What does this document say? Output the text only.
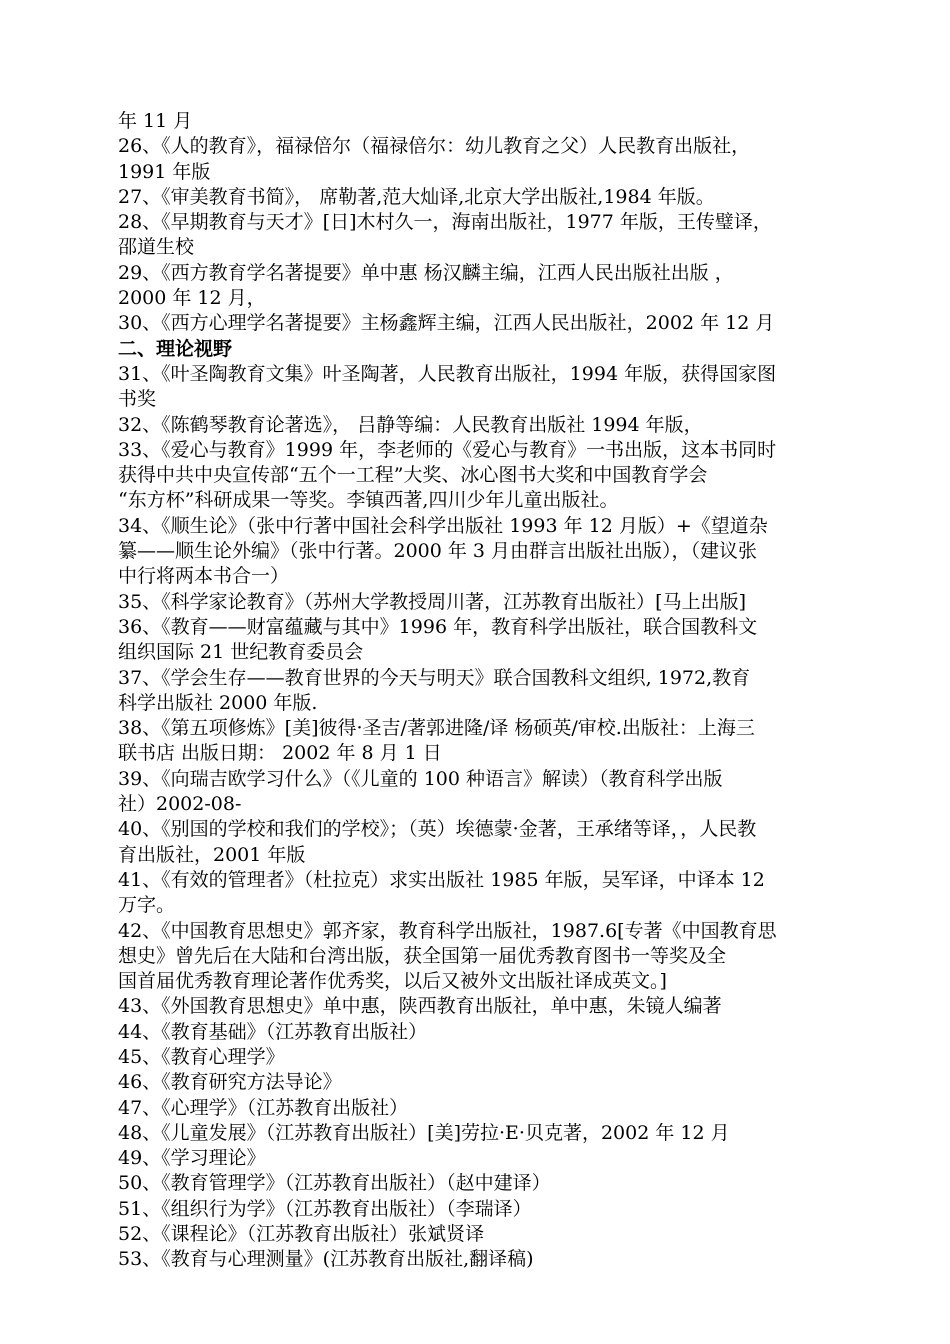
年 11 月
26、《人的教育》，福禄倍尔（福禄倍尔：幼儿教育之父）人民教育出版社，
1991 年版
27、《审美教育书简》， 席勒著,范大灿译,北京大学出版社,1984 年版。
28、《早期教育与天才》[日]木村久一，海南出版社，1977 年版，王传璧译，
邵道生校
29、《西方教育学名著提要》单中惠 杨汉麟主编，江西人民出版社出版 ，
2000 年 12 月，
30、《西方心理学名著提要》主杨鑫辉主编，江西人民出版社，2002 年 12 月
二、理论视野
31、《叶圣陶教育文集》叶圣陶著，人民教育出版社，1994 年版，获得国家图
书奖
32、《陈鹤琴教育论著选》， 吕静等编：人民教育出版社 1994 年版，
33、《爱心与教育》1999 年，李老师的《爱心与教育》一书出版，这本书同时
获得中共中央宣传部“五个一工程”大奖、冰心图书大奖和中国教育学会
“东方杯”科研成果一等奖。李镇西著,四川少年儿童出版社。
34、《顺生论》（张中行著中国社会科学出版社 1993 年 12 月版）+《望道杂
纂——顺生论外编》（张中行著。2000 年 3 月由群言出版社出版），（建议张
中行将两本书合一）
35、《科学家论教育》（苏州大学教授周川著，江苏教育出版社）[马上出版]
36、《教育——财富蕴藏与其中》1996 年，教育科学出版社，联合国教科文
组织国际 21 世纪教育委员会
37、《学会生存——教育世界的今天与明天》联合国教科文组织, 1972,教育
科学出版社 2000 年版.
38、《第五项修炼》[美]彼得·圣吉/著郭进隆/译 杨硕英/审校.出版社：上海三
联书店 出版日期： 2002 年 8 月 1 日
39、《向瑞吉欧学习什么》（《儿童的 100 种语言》解读）（教育科学出版
社）2002-08-
40、《别国的学校和我们的学校》；（英）埃德蒙·金著，王承绪等译，，人民教
育出版社，2001 年版
41、《有效的管理者》（杜拉克）求实出版社 1985 年版，吴军译，中译本 12
万字。
42、《中国教育思想史》郭齐家，教育科学出版社，1987.6[专著《中国教育思
想史》曾先后在大陆和台湾出版，获全国第一届优秀教育图书一等奖及全
国首届优秀教育理论著作优秀奖，以后又被外文出版社译成英文。]
43、《外国教育思想史》单中惠，陕西教育出版社，单中惠，朱镜人编著
44、《教育基础》（江苏教育出版社）
45、《教育心理学》
46、《教育研究方法导论》
47、《心理学》（江苏教育出版社）
48、《儿童发展》（江苏教育出版社）[美]劳拉·E·贝克著，2002 年 12 月
49、《学习理论》
50、《教育管理学》（江苏教育出版社）（赵中建译）
51、《组织行为学》（江苏教育出版社）（李瑞译）
52、《课程论》（江苏教育出版社）张斌贤译
53、《教育与心理测量》(江苏教育出版社,翻译稿)
